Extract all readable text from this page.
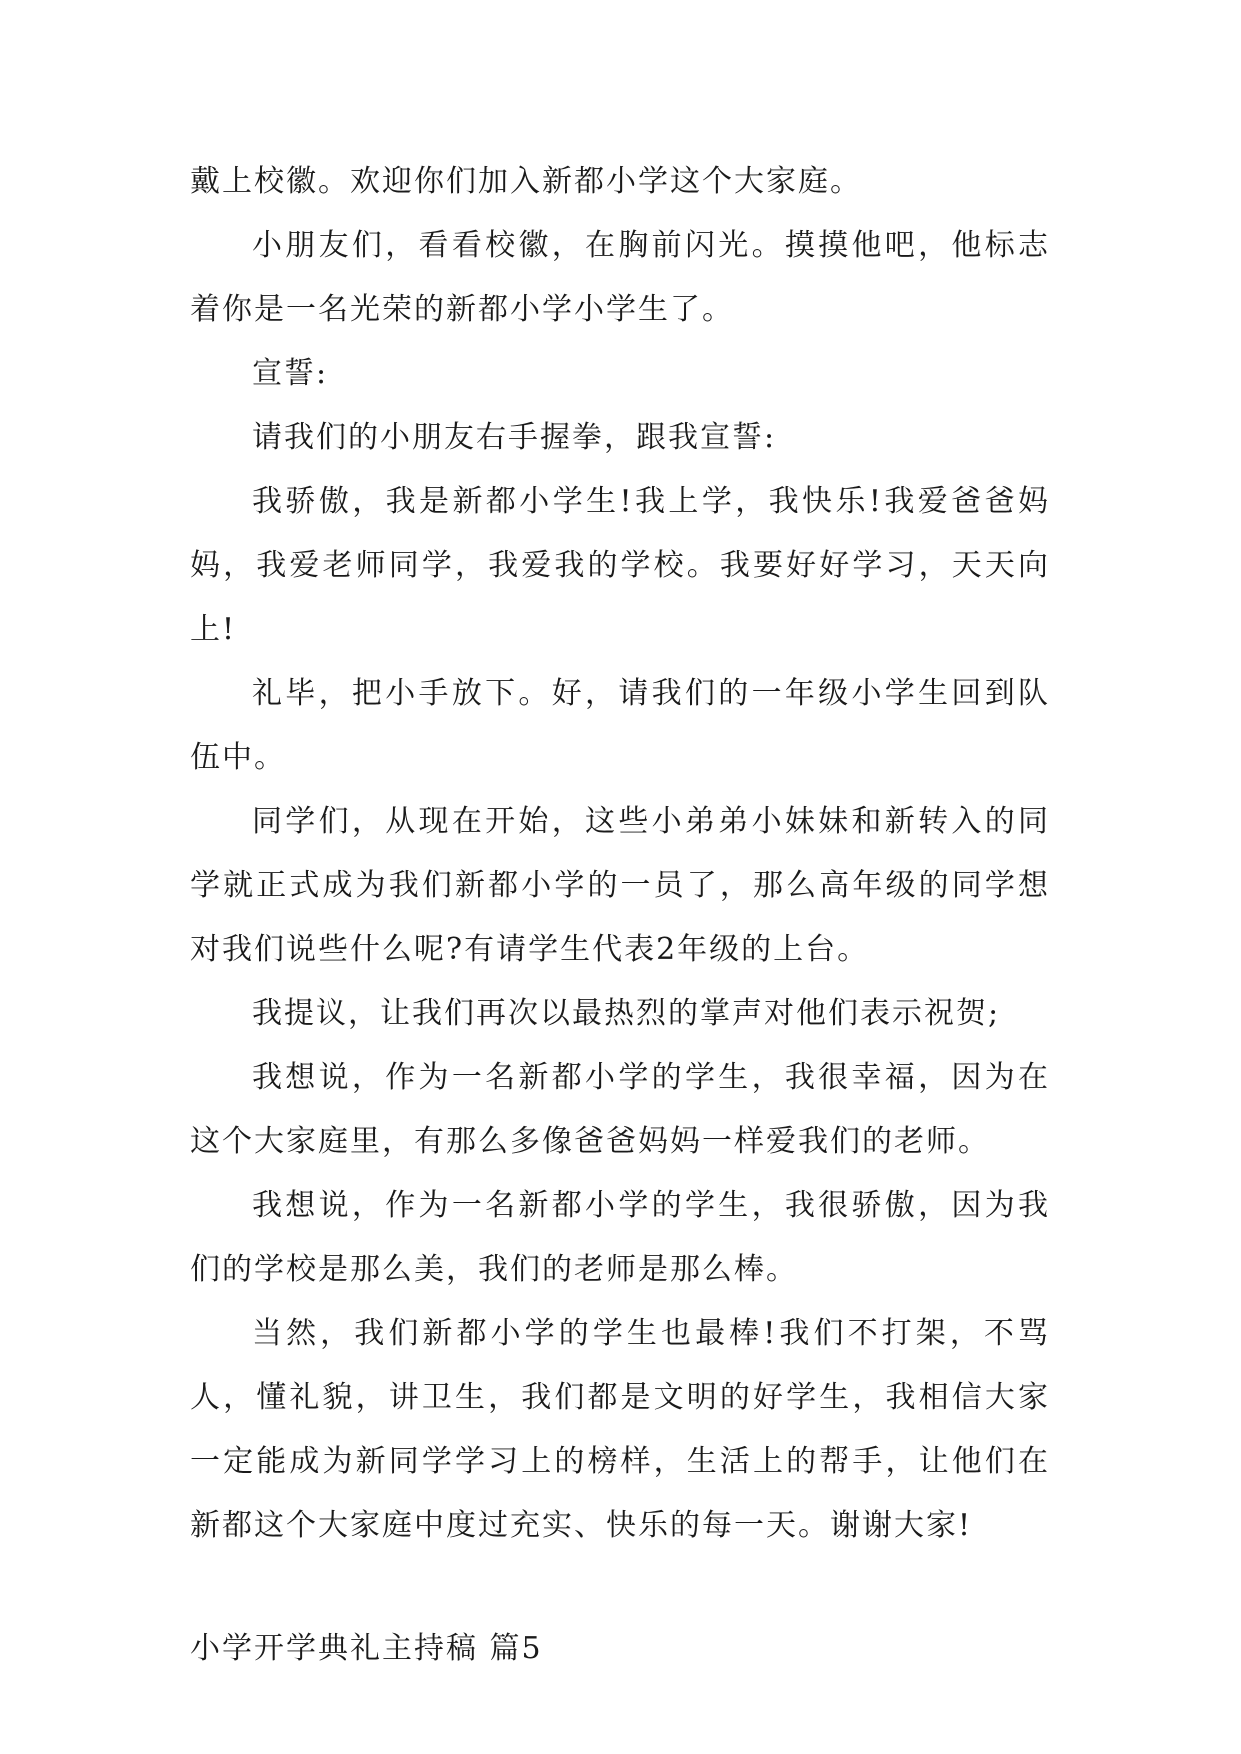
戴上校徽。欢迎你们加入新都小学这个大家庭。

小朋友们，看看校徽，在胸前闪光。摸摸他吧，他标志着你是一名光荣的新都小学小学生了。

宣誓:

请我们的小朋友右手握拳，跟我宣誓:

我骄傲，我是新都小学生!我上学，我快乐!我爱爸爸妈妈，我爱老师同学，我爱我的学校。我要好好学习，天天向上!

礼毕，把小手放下。好，请我们的一年级小学生回到队伍中。

同学们，从现在开始，这些小弟弟小妹妹和新转入的同学就正式成为我们新都小学的一员了，那么高年级的同学想对我们说些什么呢?有请学生代表2年级的上台。

我提议，让我们再次以最热烈的掌声对他们表示祝贺;

我想说，作为一名新都小学的学生，我很幸福，因为在这个大家庭里，有那么多像爸爸妈妈一样爱我们的老师。

我想说，作为一名新都小学的学生，我很骄傲，因为我们的学校是那么美，我们的老师是那么棒。

当然，我们新都小学的学生也最棒!我们不打架，不骂人，懂礼貌，讲卫生，我们都是文明的好学生，我相信大家一定能成为新同学学习上的榜样，生活上的帮手，让他们在新都这个大家庭中度过充实、快乐的每一天。谢谢大家!

小学开学典礼主持稿 篇5
